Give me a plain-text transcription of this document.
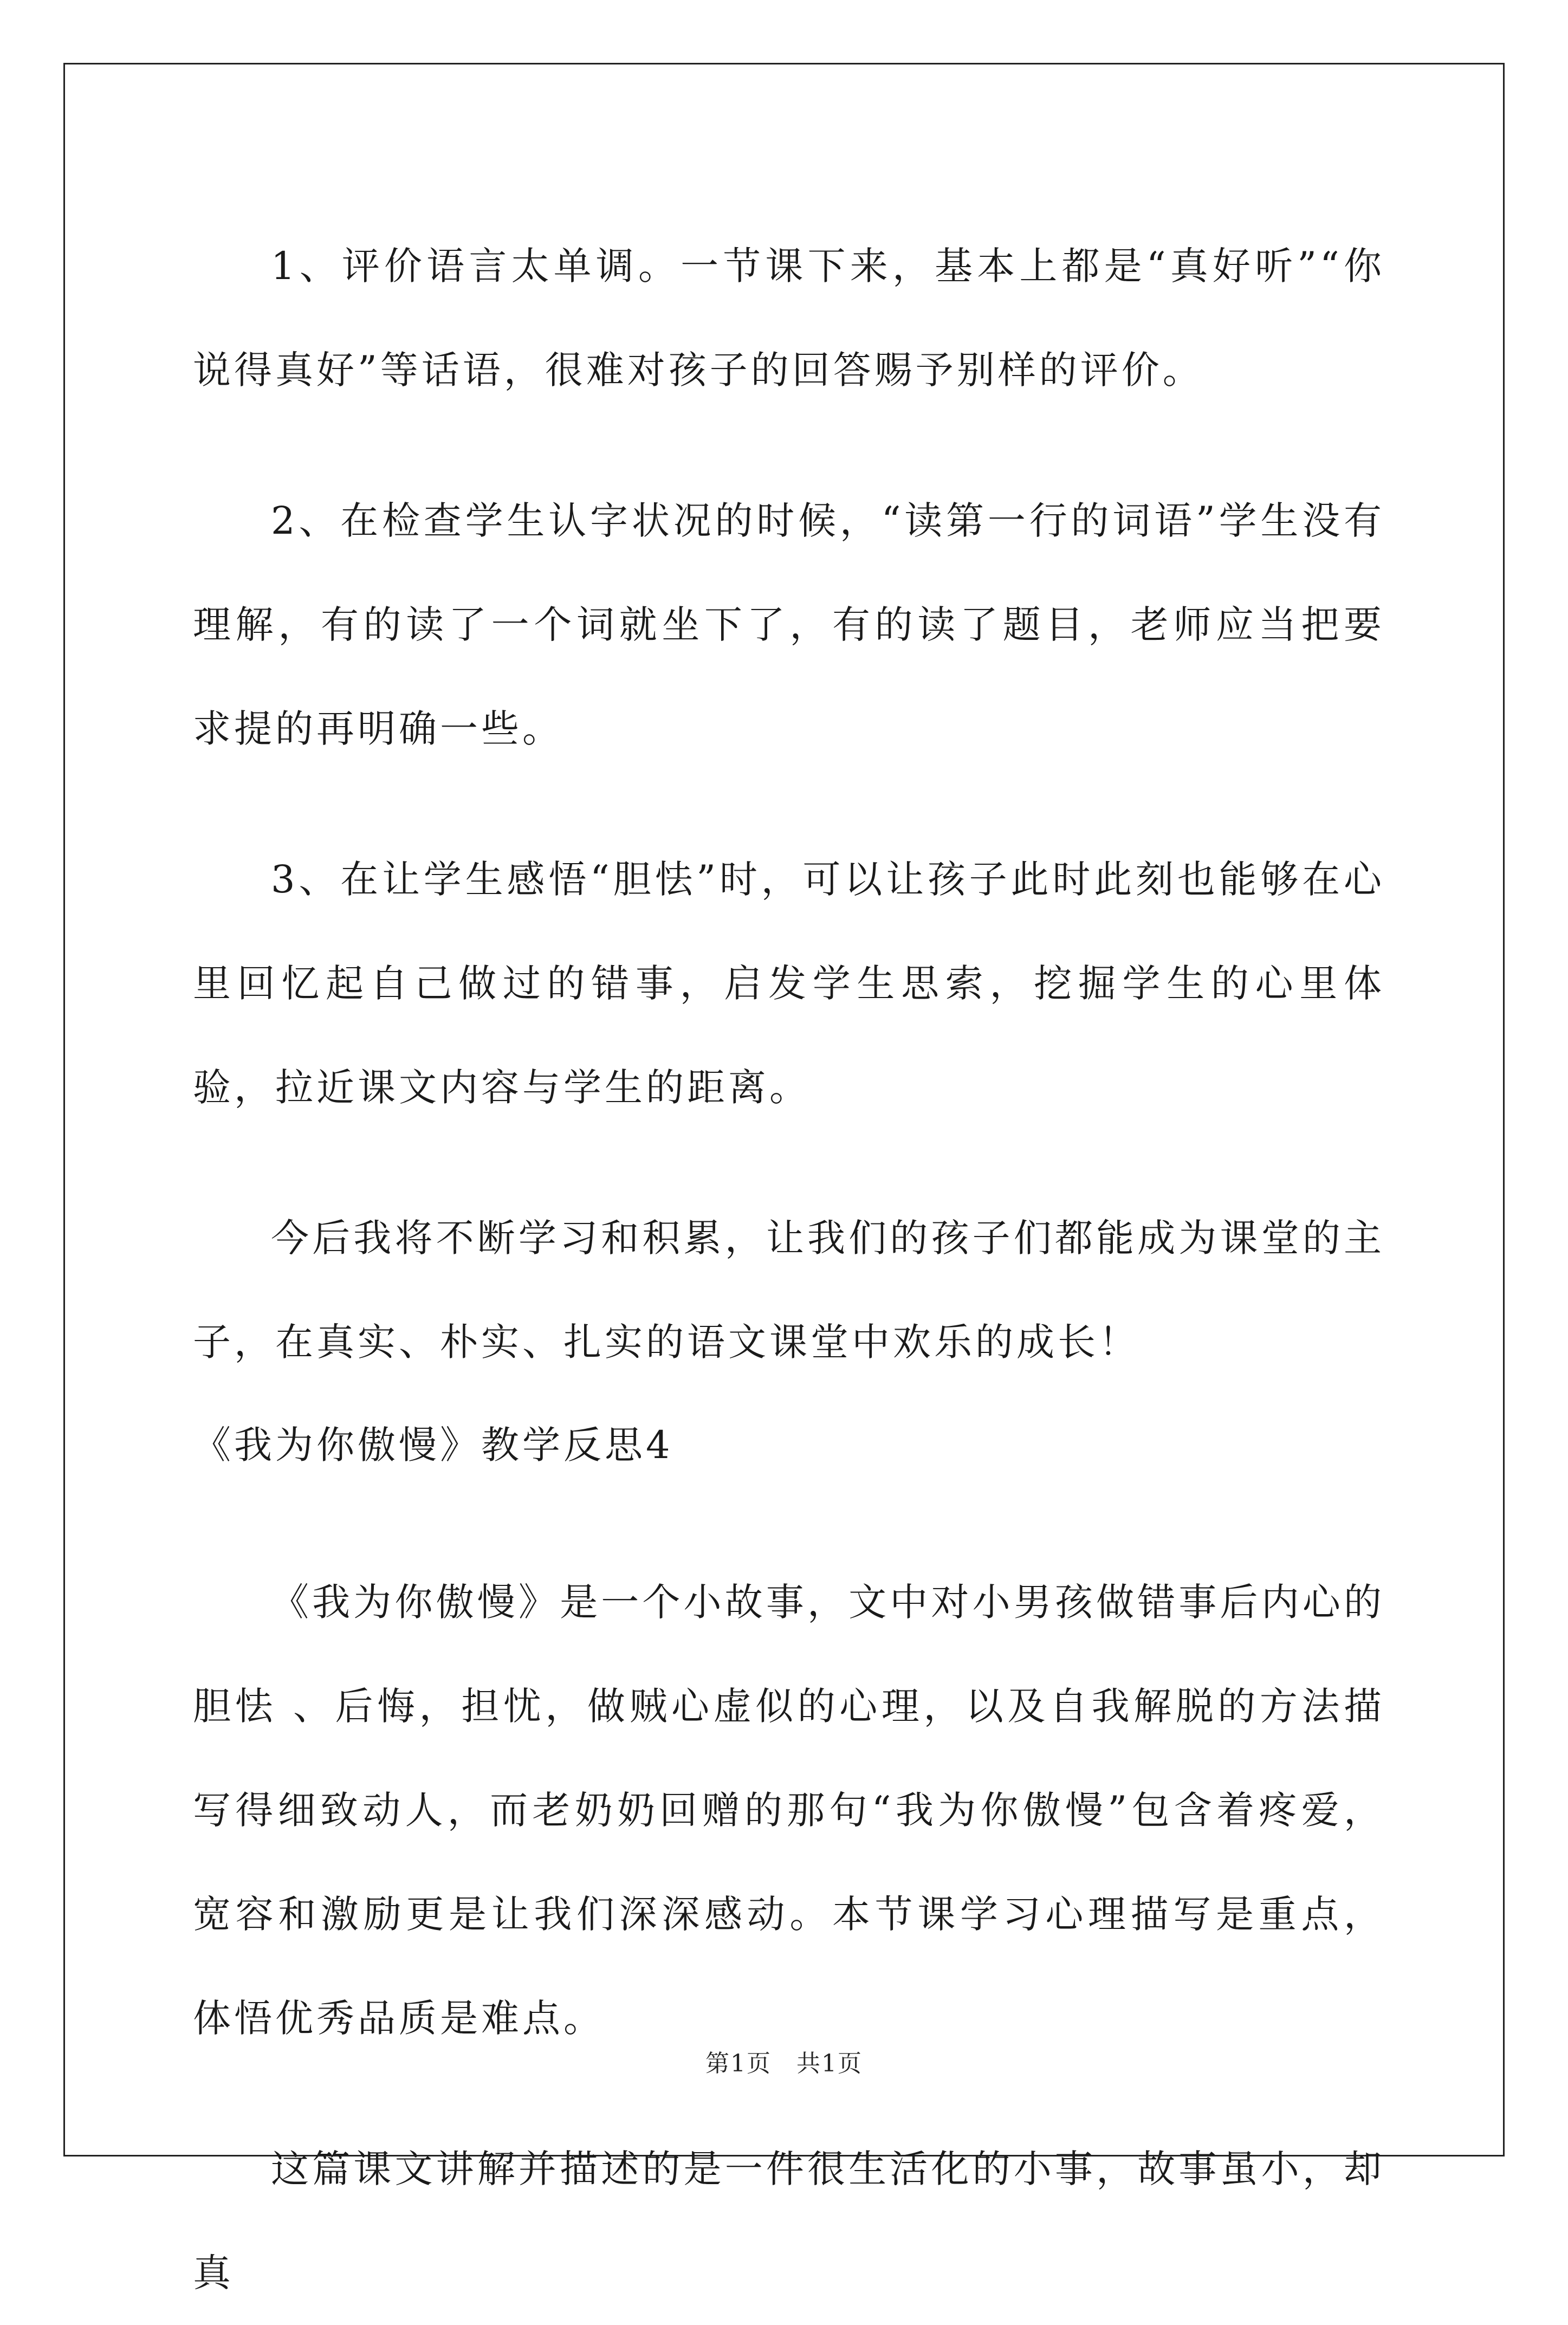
1、评价语言太单调。一节课下来，基本上都是“真好听”“你说得真好”等话语，很难对孩子的回答赐予别样的评价。

2、在检查学生认字状况的时候，“读第一行的词语”学生没有理解，有的读了一个词就坐下了，有的读了题目，老师应当把要求提的再明确一些。

3、在让学生感悟“胆怯”时，可以让孩子此时此刻也能够在心里回忆起自己做过的错事，启发学生思索，挖掘学生的心里体验，拉近课文内容与学生的距离。

今后我将不断学习和积累，让我们的孩子们都能成为课堂的主子，在真实、朴实、扎实的语文课堂中欢乐的成长！

《我为你傲慢》教学反思4

《我为你傲慢》是一个小故事，文中对小男孩做错事后内心的胆怯 、后悔，担忧，做贼心虚似的心理，以及自我解脱的方法描写得细致动人，而老奶奶回赠的那句“我为你傲慢”包含着疼爱，宽容和激励更是让我们深深感动。本节课学习心理描写是重点，体悟优秀品质是难点。

这篇课文讲解并描述的是一件很生活化的小事，故事虽小，却真

第1页　共1页
